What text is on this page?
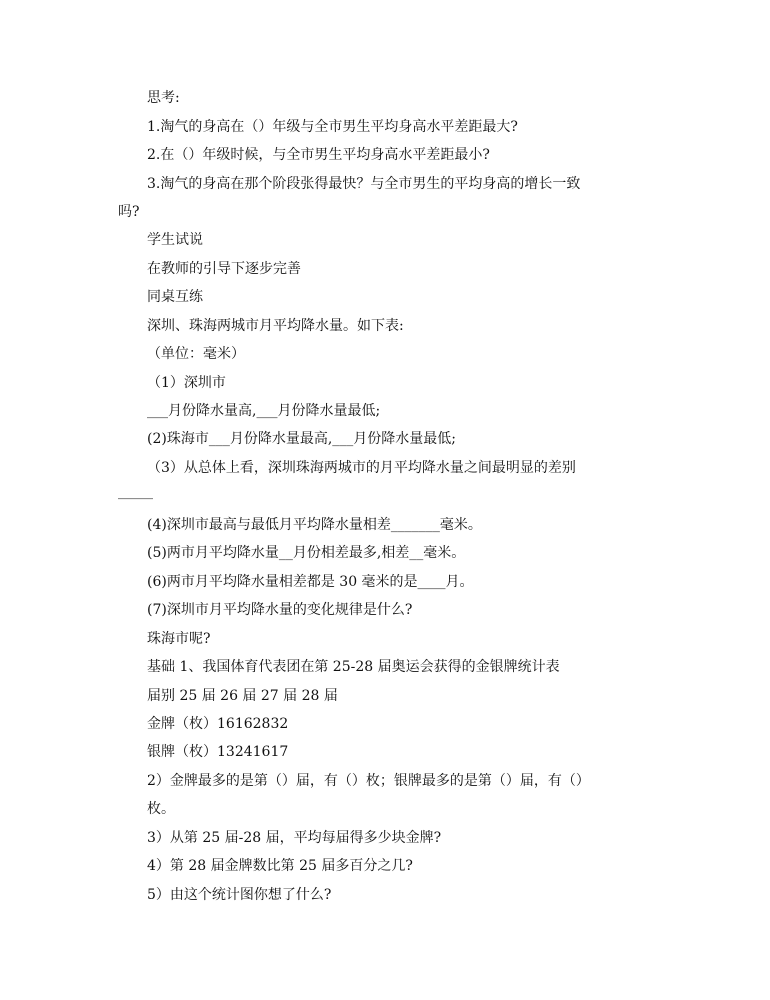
思考:
1.淘气的身高在（）年级与全市男生平均身高水平差距最大?
2.在（）年级时候，与全市男生平均身高水平差距最小?
3.淘气的身高在那个阶段张得最快？与全市男生的平均身高的增长一致
吗?
学生试说
在教师的引导下逐步完善
同桌互练
深圳、珠海两城市月平均降水量。如下表:
（单位：毫米）
（1）深圳市
___月份降水量高,___月份降水量最低;
(2)珠海市___月份降水量最高,___月份降水量最低;
（3）从总体上看，深圳珠海两城市的月平均降水量之间最明显的差别
_____
(4)深圳市最高与最低月平均降水量相差_______毫米。
(5)两市月平均降水量__月份相差最多,相差__毫米。
(6)两市月平均降水量相差都是 30 毫米的是____月。
(7)深圳市月平均降水量的变化规律是什么?
珠海市呢?
基础 1、我国体育代表团在第 25-28 届奥运会获得的金银牌统计表
届别 25 届 26 届 27 届 28 届
金牌（枚）16162832
银牌（枚）13241617
2）金牌最多的是第（）届，有（）枚；银牌最多的是第（）届，有（）
枚。
3）从第 25 届-28 届，平均每届得多少块金牌?
4）第 28 届金牌数比第 25 届多百分之几?
5）由这个统计图你想了什么?
